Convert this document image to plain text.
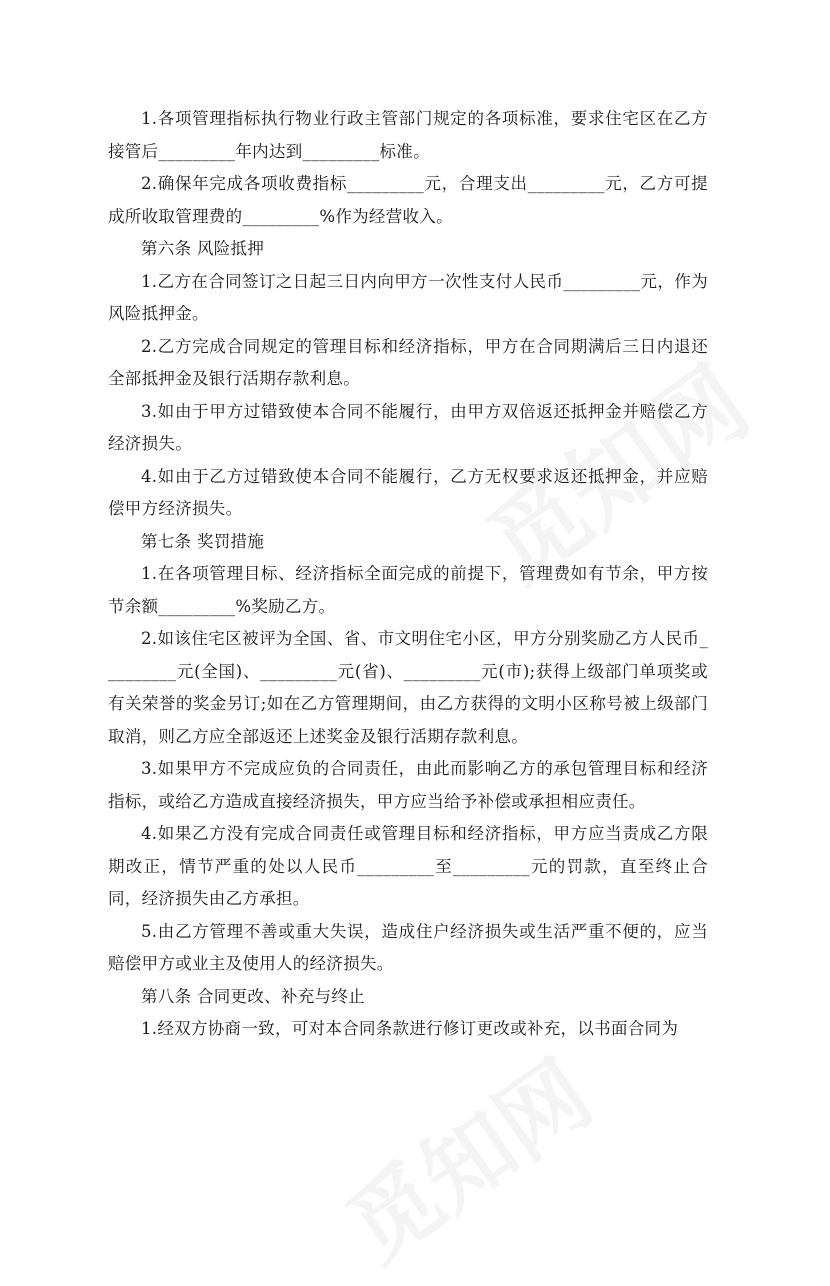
1.各项管理指标执行物业行政主管部门规定的各项标准，要求住宅区在乙方接管后_________年内达到_________标准。

2.确保年完成各项收费指标_________元，合理支出_________元，乙方可提成所收取管理费的_________%作为经营收入。

第六条 风险抵押

1.乙方在合同签订之日起三日内向甲方一次性支付人民币_________元，作为风险抵押金。

2.乙方完成合同规定的管理目标和经济指标，甲方在合同期满后三日内退还全部抵押金及银行活期存款利息。

3.如由于甲方过错致使本合同不能履行，由甲方双倍返还抵押金并赔偿乙方经济损失。

4.如由于乙方过错致使本合同不能履行，乙方无权要求返还抵押金，并应赔偿甲方经济损失。

第七条 奖罚措施

1.在各项管理目标、经济指标全面完成的前提下，管理费如有节余，甲方按节余额_________%奖励乙方。

2.如该住宅区被评为全国、省、市文明住宅小区，甲方分别奖励乙方人民币_________元(全国)、_________元(省)、_________元(市);获得上级部门单项奖或有关荣誉的奖金另订;如在乙方管理期间，由乙方获得的文明小区称号被上级部门取消，则乙方应全部返还上述奖金及银行活期存款利息。

3.如果甲方不完成应负的合同责任，由此而影响乙方的承包管理目标和经济指标，或给乙方造成直接经济损失，甲方应当给予补偿或承担相应责任。

4.如果乙方没有完成合同责任或管理目标和经济指标，甲方应当责成乙方限期改正，情节严重的处以人民币_________至_________元的罚款，直至终止合同，经济损失由乙方承担。

5.由乙方管理不善或重大失误，造成住户经济损失或生活严重不便的，应当赔偿甲方或业主及使用人的经济损失。

第八条 合同更改、补充与终止

1.经双方协商一致，可对本合同条款进行修订更改或补充，以书面合同为
